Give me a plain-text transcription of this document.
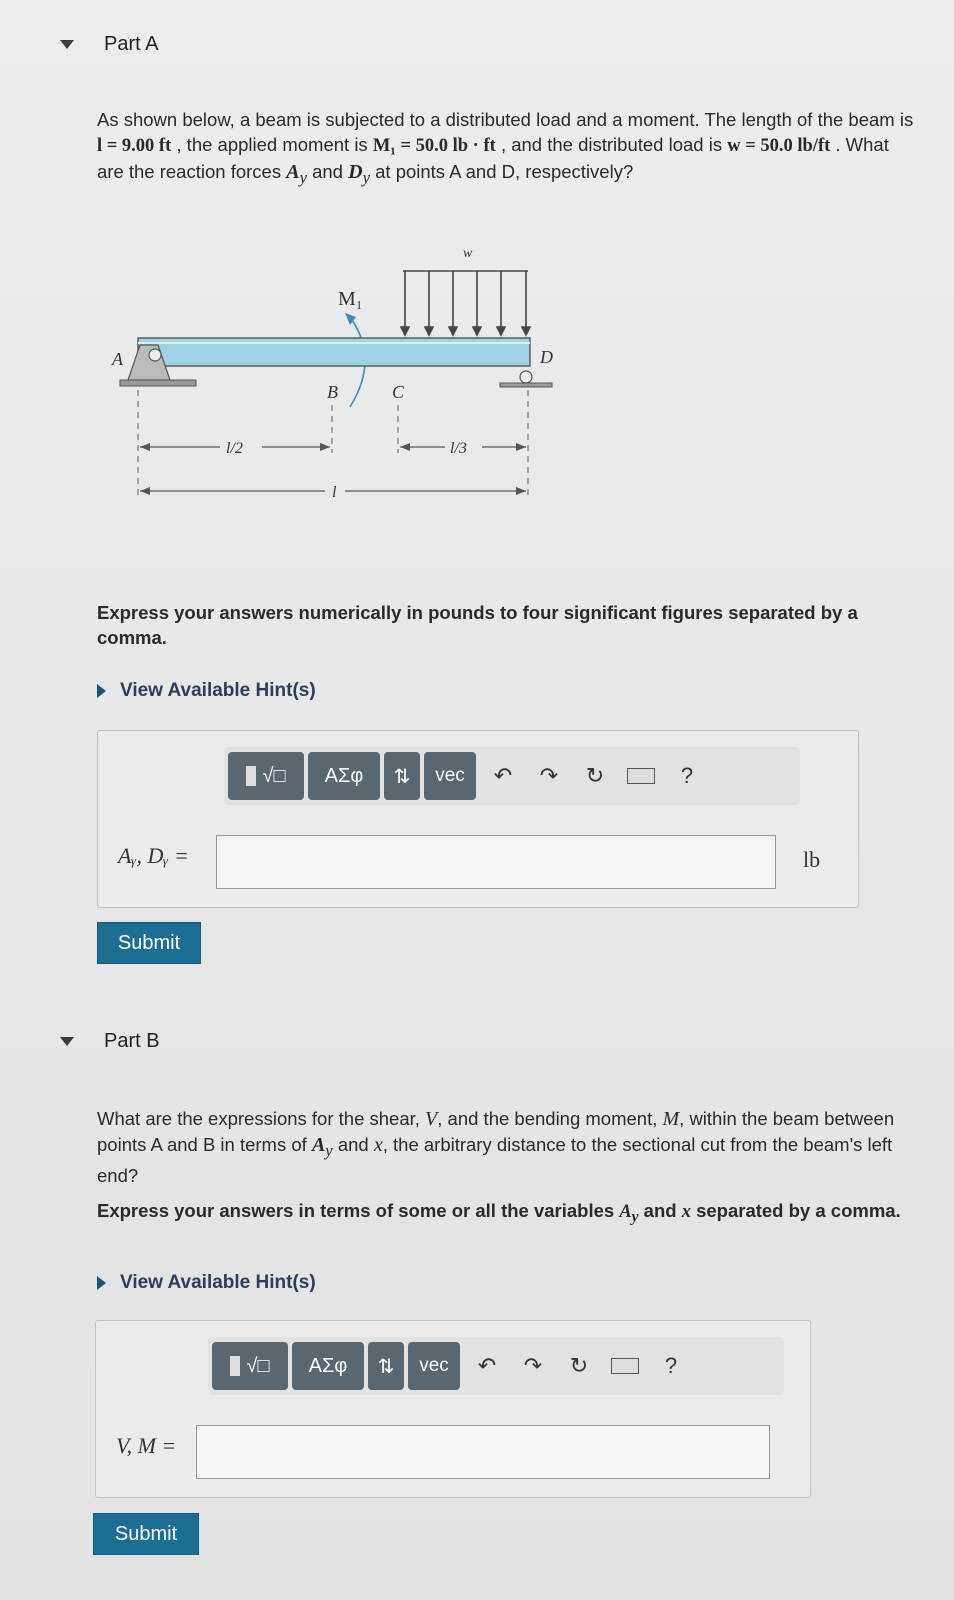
Part A
As shown below, a beam is subjected to a distributed load and a moment. The length of the beam is l = 9.00 ft , the applied moment is M₁ = 50.0 lb · ft , and the distributed load is w = 50.0 lb/ft . What are the reaction forces $A_y$ and $D_y$ at points A and D, respectively?
w
M₁
A	D
B	C
l/2	l/3
l
Express your answers numerically in pounds to four significant figures separated by a comma.
View Available Hint(s)
√□ ΑΣφ ⇅ vec	↶	↷	↻	?
Aᵧ, Dᵧ =	lb
Submit
Part B
What are the expressions for the shear, V, and the bending moment, M, within the beam between points A and B in terms of $A_y$ and x, the arbitrary distance to the sectional cut from the beam's left end?
Express your answers in terms of some or all the variables $A_y$ and x separated by a comma.
View Available Hint(s)
√□ ΑΣφ ⇅ vec	↶	↷	↻	?
V, M =
Submit
